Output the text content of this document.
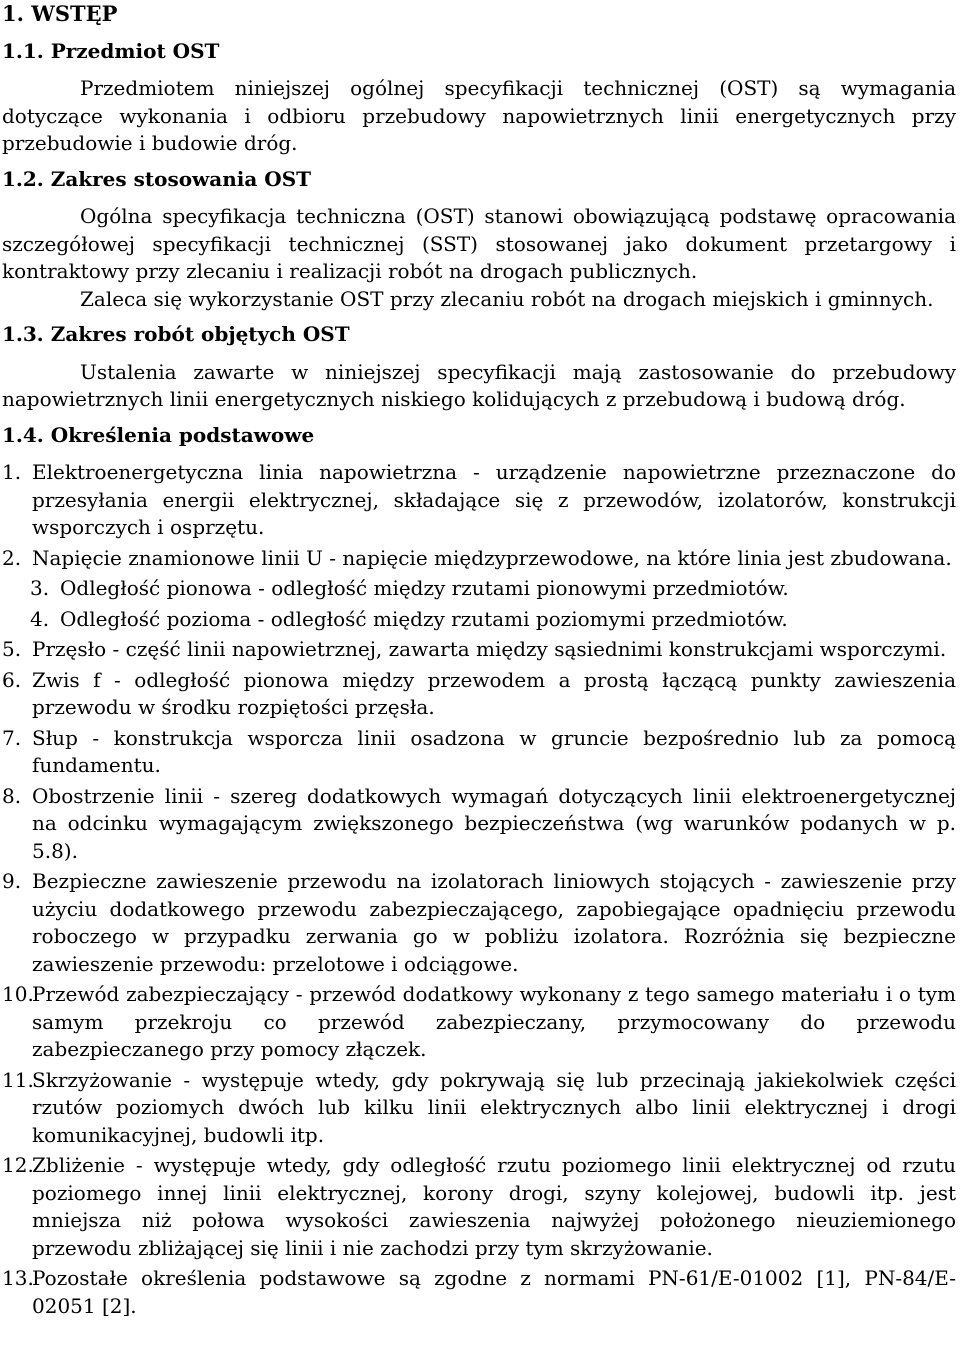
1. WSTĘP
1.1. Przedmiot OST

Przedmiotem niniejszej ogólnej specyfikacji technicznej (OST) są wymagania dotyczące wykonania i odbioru przebudowy napowietrznych linii energetycznych przy przebudowie i budowie dróg.

1.2. Zakres stosowania OST

Ogólna specyfikacja techniczna (OST) stanowi obowiązującą podstawę opracowania szczegółowej specyfikacji technicznej (SST) stosowanej jako dokument przetargowy i kontraktowy przy zlecaniu i realizacji robót na drogach publicznych.

Zaleca się wykorzystanie OST przy zlecaniu robót na drogach miejskich i gminnych.

1.3. Zakres robót objętych OST

Ustalenia zawarte w niniejszej specyfikacji mają zastosowanie do przebudowy napowietrznych linii energetycznych niskiego kolidujących z przebudową i budową dróg.

1.4. Określenia podstawowe
1. Elektroenergetyczna linia napowietrzna - urządzenie napowietrzne przeznaczone do przesyłania energii elektrycznej, składające się z przewodów, izolatorów, konstrukcji wsporczych i osprzętu.
2. Napięcie znamionowe linii U - napięcie międzyprzewodowe, na które linia jest zbudowana.
3. Odległość pionowa - odległość między rzutami pionowymi przedmiotów.
4. Odległość pozioma - odległość między rzutami poziomymi przedmiotów.
5. Przęsło - część linii napowietrznej, zawarta między sąsiednimi konstrukcjami wsporczymi.
6. Zwis f - odległość pionowa między przewodem a prostą łączącą punkty zawieszenia przewodu w środku rozpiętości przęsła.
7. Słup - konstrukcja wsporcza linii osadzona w gruncie bezpośrednio lub za pomocą fundamentu.
8. Obostrzenie linii - szereg dodatkowych wymagań dotyczących linii elektroenergetycznej na odcinku wymagającym zwiększonego bezpieczeństwa (wg warunków podanych w p. 5.8).
9. Bezpieczne zawieszenie przewodu na izolatorach liniowych stojących - zawieszenie przy użyciu dodatkowego przewodu zabezpieczającego, zapobiegające opadnięciu przewodu roboczego w przypadku zerwania go w pobliżu izolatora. Rozróżnia się bezpieczne zawieszenie przewodu: przelotowe i odciągowe.
10.
Przewód zabezpieczający - przewód dodatkowy wykonany z tego samego materiału i o tym samym przekroju co przewód zabezpieczany, przymocowany do przewodu zabezpieczanego przy pomocy złączek.
11.
Skrzyżowanie - występuje wtedy, gdy pokrywają się lub przecinają jakiekolwiek części rzutów poziomych dwóch lub kilku linii elektrycznych albo linii elektrycznej i drogi komunikacyjnej, budowli itp.
12.
Zbliżenie - występuje wtedy, gdy odległość rzutu poziomego linii elektrycznej od rzutu poziomego innej linii elektrycznej, korony drogi, szyny kolejowej, budowli itp. jest mniejsza niż połowa wysokości zawieszenia najwyżej położonego nieuziemionego przewodu zbliżającej się linii i nie zachodzi przy tym skrzyżowanie.
13.
Pozostałe określenia podstawowe są zgodne z normami PN-61/E-01002 [1], PN-84/E-02051 [2].
